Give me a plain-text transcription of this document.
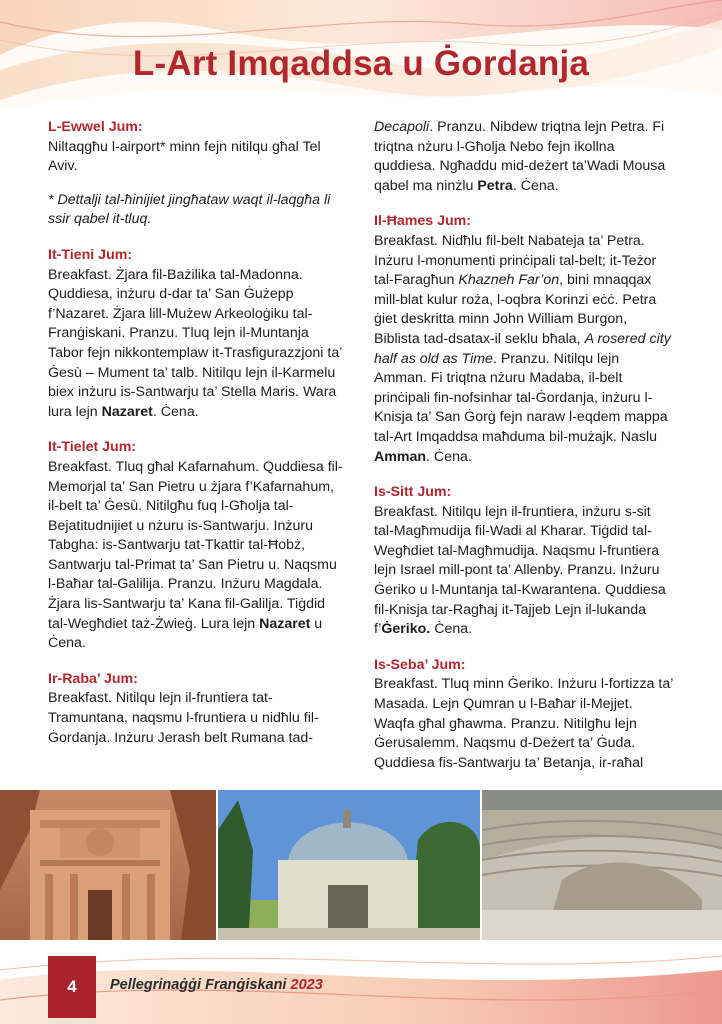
L-Art Imqaddsa u Ġordanja
L-Ewwel Jum:

Niltaqgħu l-airport* minn fejn nitilqu għal Tel Aviv.

* Dettalji tal-ħinijiet jingħataw waqt il-laqgħa li ssir qabel it-tluq.

It-Tieni Jum:

Breakfast. Żjara fil-Bażilika tal-Madonna. Quddiesa, inżuru d-dar ta’ San Ġużepp f’Nazaret. Żjara lill-Mużew Arkeoloġiku tal-Franġiskani. Pranzu. Tluq lejn il-Muntanja Tabor fejn nikkontemplaw it-Trasfigurazzjoni ta’ Ġesù – Mument ta’ talb. Nitilqu lejn il-Karmelu biex inżuru is-Santwarju ta’ Stella Maris. Wara lura lejn Nazaret. Ċena.

It-Tielet Jum:

Breakfast. Tluq għal Kafarnahum. Quddiesa fil-Memorjal ta’ San Pietru u żjara f’Kafarnahum, il-belt ta’ Ġesù. Nitilgħu fuq l-Għolja tal-Bejatitudnijiet u nżuru is-Santwarju. Inżuru Tabgha: is-Santwarju tat-Tkattir tal-Ħobż, Santwarju tal-Primat ta’ San Pietru u. Naqsmu l-Baħar tal-Galilija. Pranzu. Inżuru Magdala. Żjara lis-Santwarju ta’ Kana fil-Galilja. Tiġdid tal-Wegħdiet taż-Żwieġ. Lura lejn Nazaret u Ċena.

Ir-Raba’ Jum:

Breakfast. Nitilqu lejn il-fruntiera tat-Tramuntana, naqsmu l-fruntiera u nidħlu fil-Ġordanja. Inżuru Jerash belt Rumana tad-

Decapoli. Pranzu. Nibdew triqtna lejn Petra. Fi triqtna nżuru l-Għolja Nebo fejn ikollna quddiesa. Ngħaddu mid-deżert ta’Wadi Mousa qabel ma ninżlu Petra. Ċena.

Il-Ħames Jum:

Breakfast. Nidħlu fil-belt Nabateja ta’ Petra. Inżuru l-monumenti prinċipali tal-belt; it-Teżor tal-Faragħun Khazneh Far’on, bini mnaqqax mill-blat kulur roża, l-oqbra Korinzi eċċ. Petra ġiet deskritta minn John William Burgon, Biblista tad-dsatax-il seklu bħala, A rosered city half as old as Time. Pranzu. Nitilqu lejn Amman. Fi triqtna nżuru Madaba, il-belt prinċipali fin-nofsinhar tal-Ġordanja, inżuru l-Knisja ta’ San Ġorġ fejn naraw l-eqdem mappa tal-Art Imqaddsa maħduma bil-mużajk. Naslu Amman. Ċena.

Is-Sitt Jum:

Breakfast. Nitilqu lejn il-fruntiera, inżuru s-sit tal-Magħmudija fil-Wadi al Kharar. Tiġdid tal-Wegħdiet tal-Magħmudija. Naqsmu l-fruntiera lejn Israel mill-pont ta’ Allenby. Pranzu. Inżuru Ġeriko u l-Muntanja tal-Kwarantena. Quddiesa fil-Knisja tar-Ragħaj it-Tajjeb Lejn il-lukanda f’Ġeriko. Ċena.

Is-Seba’ Jum:

Breakfast. Tluq minn Ġeriko. Inżuru l-fortizza ta’ Masada. Lejn Qumran u l-Baħar il-Mejjet. Waqfa għal għawma. Pranzu. Nitilgħu lejn Ġerusalemm. Naqsmu d-Deżert ta’ Ġuda. Quddiesa fis-Santwarju ta’ Betanja, ir-raħal

4	Pellegrinaġġi Franġiskani 2023
